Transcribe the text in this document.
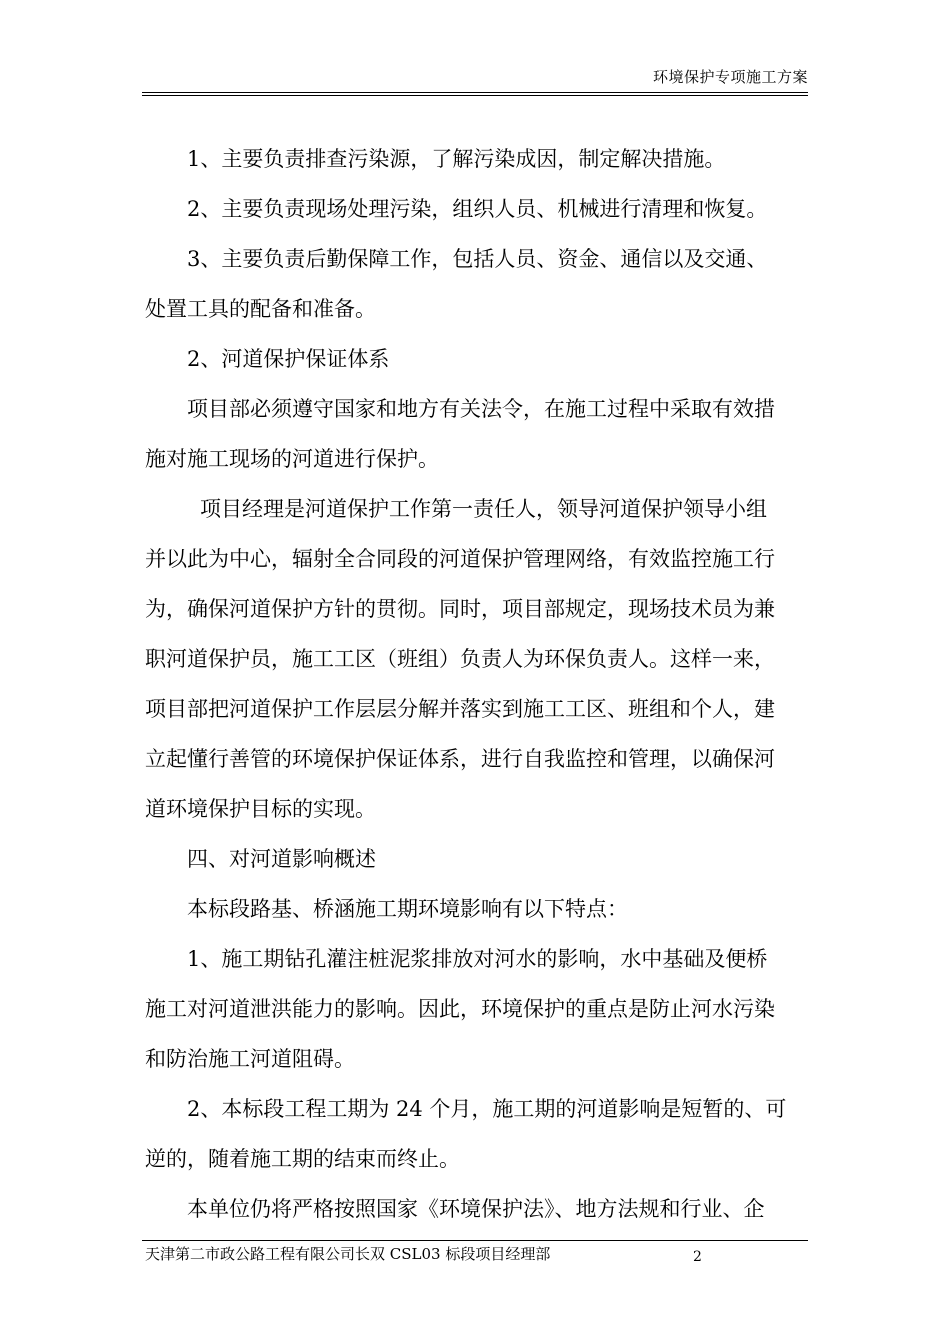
环境保护专项施工方案

1、主要负责排查污染源，了解污染成因，制定解决措施。

2、主要负责现场处理污染，组织人员、机械进行清理和恢复。

3、主要负责后勤保障工作，包括人员、资金、通信以及交通、

处置工具的配备和准备。

2、河道保护保证体系

项目部必须遵守国家和地方有关法令，在施工过程中采取有效措

施对施工现场的河道进行保护。

项目经理是河道保护工作第一责任人，领导河道保护领导小组

并以此为中心，辐射全合同段的河道保护管理网络，有效监控施工行

为，确保河道保护方针的贯彻。同时，项目部规定，现场技术员为兼

职河道保护员，施工工区（班组）负责人为环保负责人。这样一来，

项目部把河道保护工作层层分解并落实到施工工区、班组和个人，建

立起懂行善管的环境保护保证体系，进行自我监控和管理，以确保河

道环境保护目标的实现。

四、对河道影响概述

本标段路基、桥涵施工期环境影响有以下特点：

1、施工期钻孔灌注桩泥浆排放对河水的影响，水中基础及便桥

施工对河道泄洪能力的影响。因此，环境保护的重点是防止河水污染

和防治施工河道阻碍。

2、本标段工程工期为 24 个月，施工期的河道影响是短暂的、可

逆的，随着施工期的结束而终止。

本单位仍将严格按照国家《环境保护法》、地方法规和行业、企

天津第二市政公路工程有限公司长双 CSL03 标段项目经理部	2
